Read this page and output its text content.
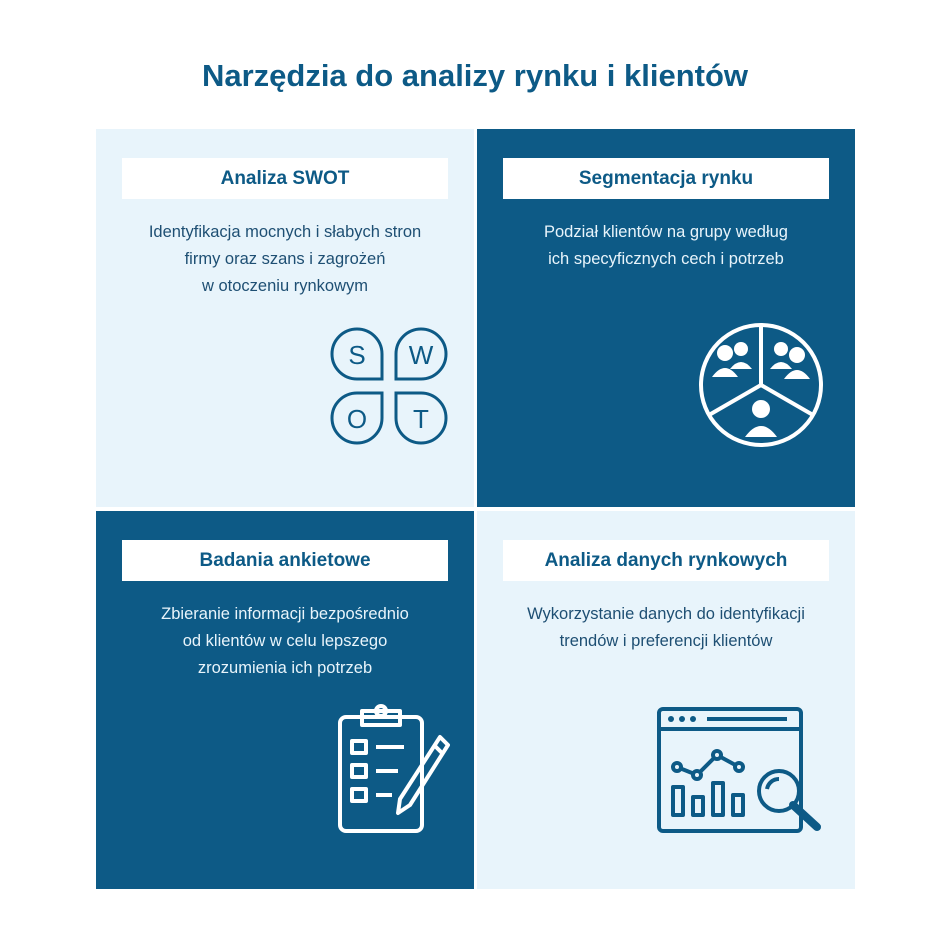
Narzędzia do analizy rynku i klientów
Analiza SWOT
Identyfikacja mocnych i słabych stron
firmy oraz szans i zagrożeń
w otoczeniu rynkowym
S W
O T
Segmentacja rynku
Podział klientów na grupy według
ich specyficznych cech i potrzeb
Badania ankietowe
Zbieranie informacji bezpośrednio
od klientów w celu lepszego
zrozumienia ich potrzeb
Analiza danych rynkowych
Wykorzystanie danych do identyfikacji
trendów i preferencji klientów
